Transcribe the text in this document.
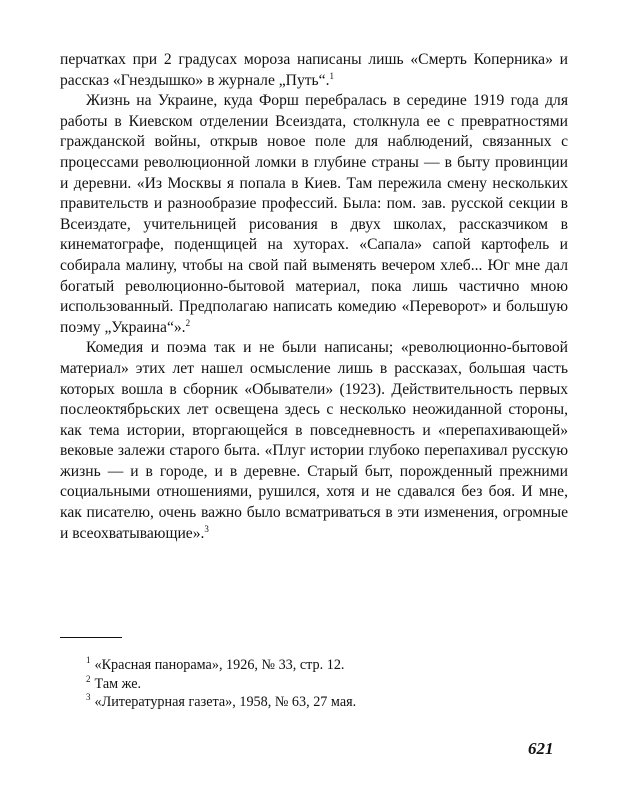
перчатках при 2 градусах мороза написаны лишь «Смерть Коперника» и рассказ «Гнездышко» в журнале „Путь“.$^1$

Жизнь на Украине, куда Форш перебралась в середине 1919 года для работы в Киевском отделении Всеиздата, столкнула ее с превратностями гражданской войны, открыв новое поле для наблюдений, связанных с процессами революционной ломки в глубине страны — в быту провинции и деревни. «Из Москвы я попала в Киев. Там пережила смену нескольких правительств и разнообразие профессий. Была: пом. зав. русской секции в Всеиздате, учительницей рисования в двух школах, рассказчиком в кинематографе, поденщицей на хуторах. «Сапала» сапой картофель и собирала малину, чтобы на свой пай выменять вечером хлеб... Юг мне дал богатый революционно-бытовой материал, пока лишь частично мною использованный. Предполагаю написать комедию «Переворот» и большую поэму „Украина“».$^2$

Комедия и поэма так и не были написаны; «революционно-бытовой материал» этих лет нашел осмысление лишь в рассказах, большая часть которых вошла в сборник «Обыватели» (1923). Действительность первых послеоктябрьских лет освещена здесь с несколько неожиданной стороны, как тема истории, вторгающейся в повседневность и «перепахивающей» вековые залежи старого быта. «Плуг истории глубоко перепахивал русскую жизнь — и в городе, и в деревне. Старый быт, порожденный прежними социальными отношениями, рушился, хотя и не сдавался без боя. И мне, как писателю, очень важно было всматриваться в эти изменения, огромные и всеохватывающие».$^3$

$^1$ «Красная панорама», 1926, № 33, стр. 12.
$^2$ Там же.
$^3$ «Литературная газета», 1958, № 63, 27 мая.
621
